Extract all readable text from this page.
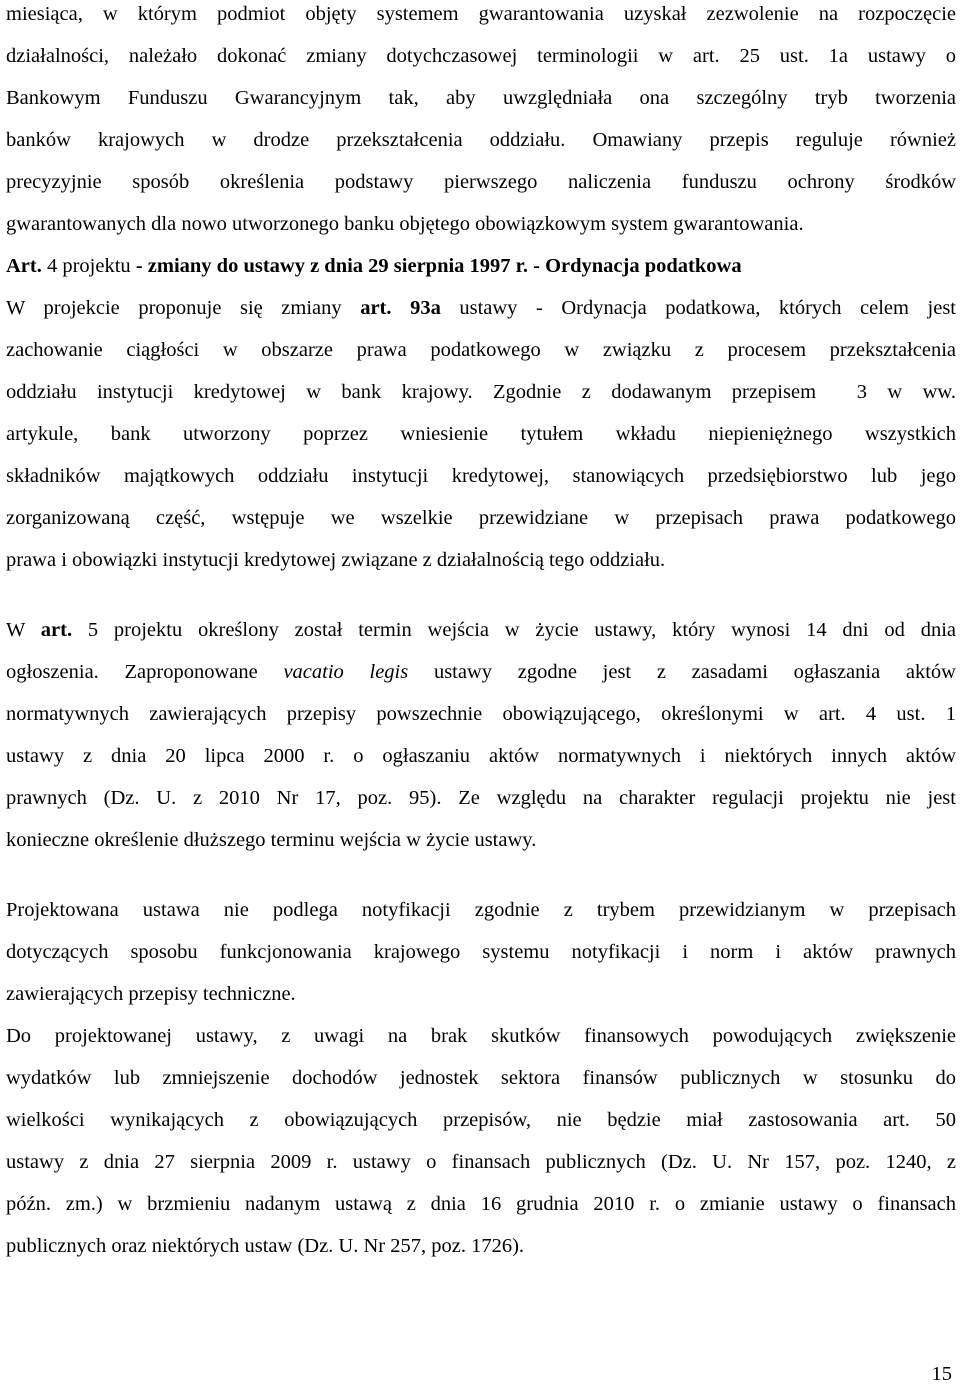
miesiąca, w którym podmiot objęty systemem gwarantowania uzyskał zezwolenie na rozpoczęcie
działalności, należało dokonać zmiany dotychczasowej terminologii w art. 25 ust. 1a ustawy o
Bankowym Funduszu Gwarancyjnym tak, aby uwzględniała ona szczególny tryb tworzenia
banków krajowych w drodze przekształcenia oddziału. Omawiany przepis reguluje również
precyzyjnie sposób określenia podstawy pierwszego naliczenia funduszu ochrony środków
gwarantowanych dla nowo utworzonego banku objętego obowiązkowym system gwarantowania.
Art. 4 projektu - zmiany do ustawy z dnia 29 sierpnia 1997 r. - Ordynacja podatkowa
W projekcie proponuje się zmiany art. 93a ustawy - Ordynacja podatkowa, których celem jest
zachowanie ciągłości w obszarze prawa podatkowego w związku z procesem przekształcenia
oddziału instytucji kredytowej w bank krajowy. Zgodnie z dodawanym przepisem  3 w ww.
artykule, bank utworzony poprzez wniesienie tytułem wkładu niepieniężnego wszystkich
składników majątkowych oddziału instytucji kredytowej, stanowiących przedsiębiorstwo lub jego
zorganizowaną część, wstępuje we wszelkie przewidziane w przepisach prawa podatkowego
prawa i obowiązki instytucji kredytowej związane z działalnością tego oddziału.
W art. 5 projektu określony został termin wejścia w życie ustawy, który wynosi 14 dni od dnia
ogłoszenia. Zaproponowane vacatio legis ustawy zgodne jest z zasadami ogłaszania aktów
normatywnych zawierających przepisy powszechnie obowiązującego, określonymi w art. 4 ust. 1
ustawy z dnia 20 lipca 2000 r. o ogłaszaniu aktów normatywnych i niektórych innych aktów
prawnych (Dz. U. z 2010 Nr 17, poz. 95). Ze względu na charakter regulacji projektu nie jest
konieczne określenie dłuższego terminu wejścia w życie ustawy.
Projektowana ustawa nie podlega notyfikacji zgodnie z trybem przewidzianym w przepisach
dotyczących sposobu funkcjonowania krajowego systemu notyfikacji i norm i aktów prawnych
zawierających przepisy techniczne.
Do projektowanej ustawy, z uwagi na brak skutków finansowych powodujących zwiększenie
wydatków lub zmniejszenie dochodów jednostek sektora finansów publicznych w stosunku do
wielkości wynikających z obowiązujących przepisów, nie będzie miał zastosowania art. 50
ustawy z dnia 27 sierpnia 2009 r. ustawy o finansach publicznych (Dz. U. Nr 157, poz. 1240, z
późn. zm.) w brzmieniu nadanym ustawą z dnia 16 grudnia 2010 r. o zmianie ustawy o finansach
publicznych oraz niektórych ustaw (Dz. U. Nr 257, poz. 1726).
15
